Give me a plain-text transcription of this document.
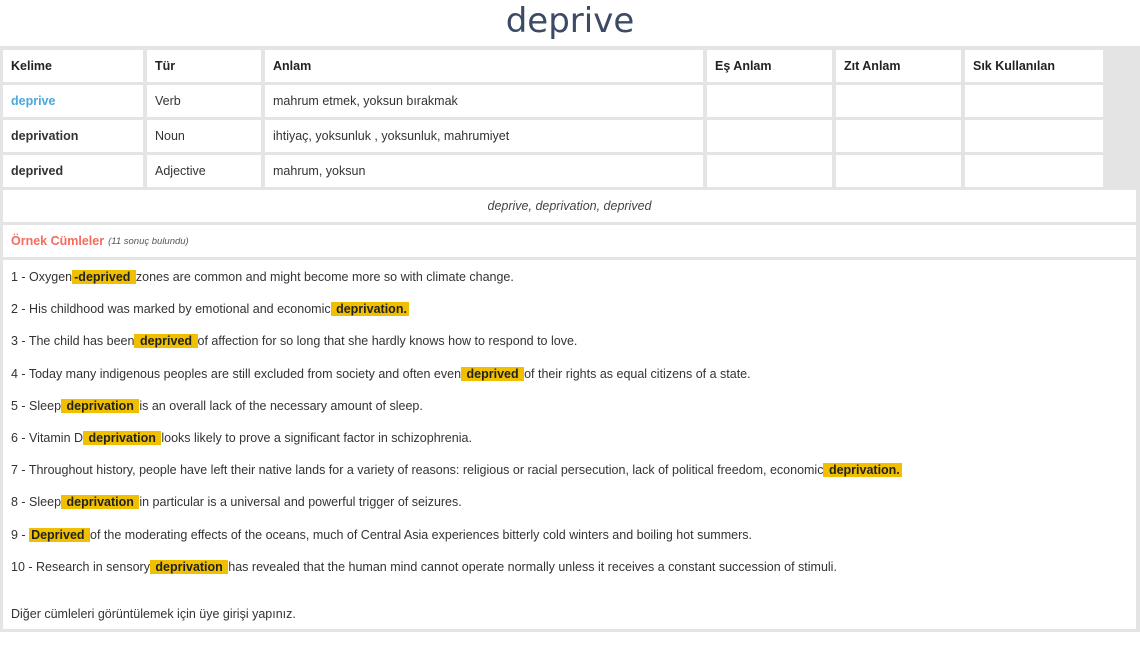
deprive
Kelime	Tür	Anlam	Eş Anlam	Zıt Anlam	Sık Kullanılan
deprive	Verb	mahrum etmek, yoksun bırakmak
deprivation	Noun	ihtiyaç, yoksunluk , yoksunluk, mahrumiyet
deprived	Adjective	mahrum, yoksun
deprive, deprivation, deprived
Örnek Cümleler (11 sonuç bulundu)
1 - Oxygen -deprived zones are common and might become more so with climate change.
2 - His childhood was marked by emotional and economic deprivation.
3 - The child has been deprived of affection for so long that she hardly knows how to respond to love.
4 - Today many indigenous peoples are still excluded from society and often even deprived of their rights as equal citizens of a state.
5 - Sleep deprivation is an overall lack of the necessary amount of sleep.
6 - Vitamin D deprivation looks likely to prove a significant factor in schizophrenia.
7 - Throughout history, people have left their native lands for a variety of reasons: religious or racial persecution, lack of political freedom, economic deprivation.
8 - Sleep deprivation in particular is a universal and powerful trigger of seizures.
9 - Deprived of the moderating effects of the oceans, much of Central Asia experiences bitterly cold winters and boiling hot summers.
10 - Research in sensory deprivation has revealed that the human mind cannot operate normally unless it receives a constant succession of stimuli.
Diğer cümleleri görüntülemek için üye girişi yapınız.
